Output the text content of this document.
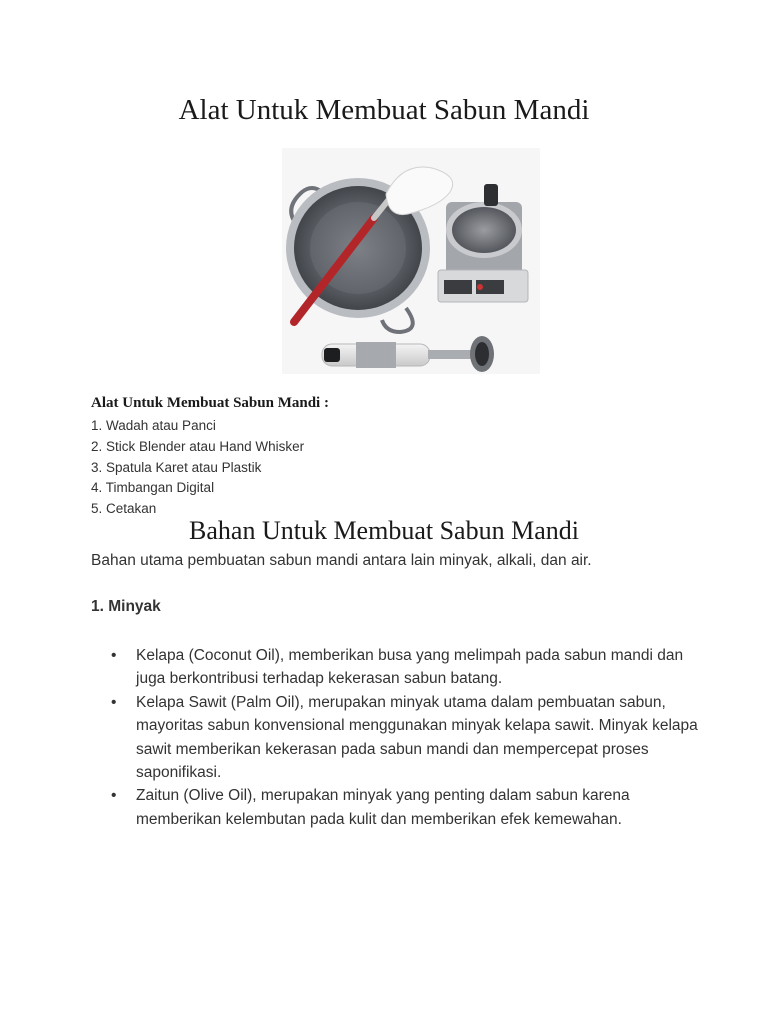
Alat Untuk Membuat Sabun Mandi

Alat Untuk Membuat Sabun Mandi :

1. Wadah atau Panci
2. Stick Blender atau Hand Whisker
3. Spatula Karet atau Plastik
4. Timbangan Digital
5. Cetakan
Bahan Untuk Membuat Sabun Mandi

Bahan utama pembuatan sabun mandi antara lain minyak, alkali, dan air.

1. Minyak

• Kelapa (Coconut Oil), memberikan busa yang melimpah pada sabun mandi dan juga berkontribusi terhadap kekerasan sabun batang.
• Kelapa Sawit (Palm Oil), merupakan minyak utama dalam pembuatan sabun, mayoritas sabun konvensional menggunakan minyak kelapa sawit. Minyak kelapa sawit memberikan kekerasan pada sabun mandi dan mempercepat proses saponifikasi.
• Zaitun (Olive Oil), merupakan minyak yang penting dalam sabun karena memberikan kelembutan pada kulit dan memberikan efek kemewahan.
